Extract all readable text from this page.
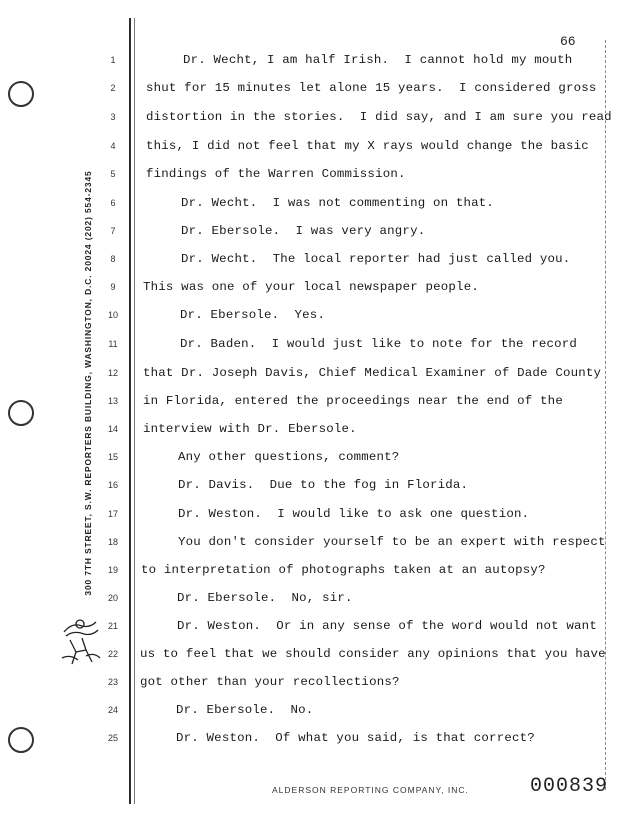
300 7TH STREET, S.W. REPORTERS BUILDING, WASHINGTON, D.C. 20024 (202) 554-2345
66
1
2
3
4
5
6
7
8
9
10
11
12
13
14
15
16
17
18
19
20
21
22
23
24
25
Dr. Wecht, I am half Irish.  I cannot hold my mouth
shut for 15 minutes let alone 15 years.  I considered gross
distortion in the stories.  I did say, and I am sure you read
this, I did not feel that my X rays would change the basic
findings of the Warren Commission.
Dr. Wecht.  I was not commenting on that.
Dr. Ebersole.  I was very angry.
Dr. Wecht.  The local reporter had just called you.
This was one of your local newspaper people.
Dr. Ebersole.  Yes.
Dr. Baden.  I would just like to note for the record
that Dr. Joseph Davis, Chief Medical Examiner of Dade County
in Florida, entered the proceedings near the end of the
interview with Dr. Ebersole.
Any other questions, comment?
Dr. Davis.  Due to the fog in Florida.
Dr. Weston.  I would like to ask one question.
You don't consider yourself to be an expert with respect
to interpretation of photographs taken at an autopsy?
Dr. Ebersole.  No, sir.
Dr. Weston.  Or in any sense of the word would not want
us to feel that we should consider any opinions that you have
got other than your recollections?
Dr. Ebersole.  No.
Dr. Weston.  Of what you said, is that correct?
ALDERSON REPORTING COMPANY, INC.	000839
